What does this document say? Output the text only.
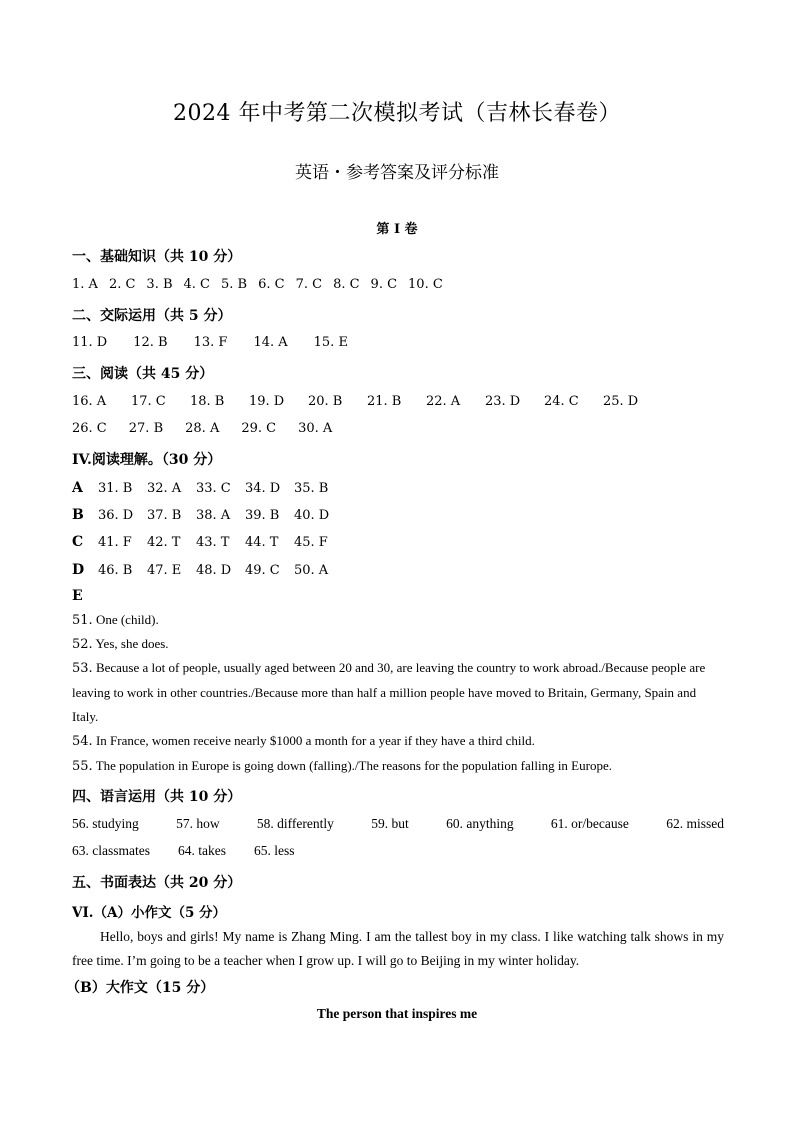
2024 年中考第二次模拟考试（吉林长春卷）
英语・参考答案及评分标准
第 I 卷
一、基础知识（共 10 分）
1. A 2. C 3. B 4. C 5. B 6. C 7. C 8. C 9. C 10. C
二、交际运用（共 5 分）
11. D 12. B 13. F 14. A 15. E
三、阅读（共 45 分）
16. A 17. C 18. B 19. D 20. B 21. B 22. A 23. D 24. C 25. D
26. C 27. B 28. A 29. C 30. A
IV.阅读理解。（30 分）
A 31. B 32. A 33. C 34. D 35. B
B 36. D 37. B 38. A 39. B 40. D
C 41. F 42. T 43. T 44. T 45. F
D 46. B 47. E 48. D 49. C 50. A
E
51. One (child).
52. Yes, she does.
53. Because a lot of people, usually aged between 20 and 30, are leaving the country to work abroad./Because people are leaving to work in other countries./Because more than half a million people have moved to Britain, Germany, Spain and Italy.
54. In France, women receive nearly $1000 a month for a year if they have a third child.
55. The population in Europe is going down (falling)./The reasons for the population falling in Europe.
四、语言运用（共 10 分）
56. studying	57. how	58. differently	59. but	60. anything	61. or/because	62. missed
63. classmates 64. takes 65. less
五、书面表达（共 20 分）
VI.（A）小作文（5 分）
Hello, boys and girls! My name is Zhang Ming. I am the tallest boy in my class. I like watching talk shows in my free time. I’m going to be a teacher when I grow up. I will go to Beijing in my winter holiday.
（B）大作文（15 分）
The person that inspires me
